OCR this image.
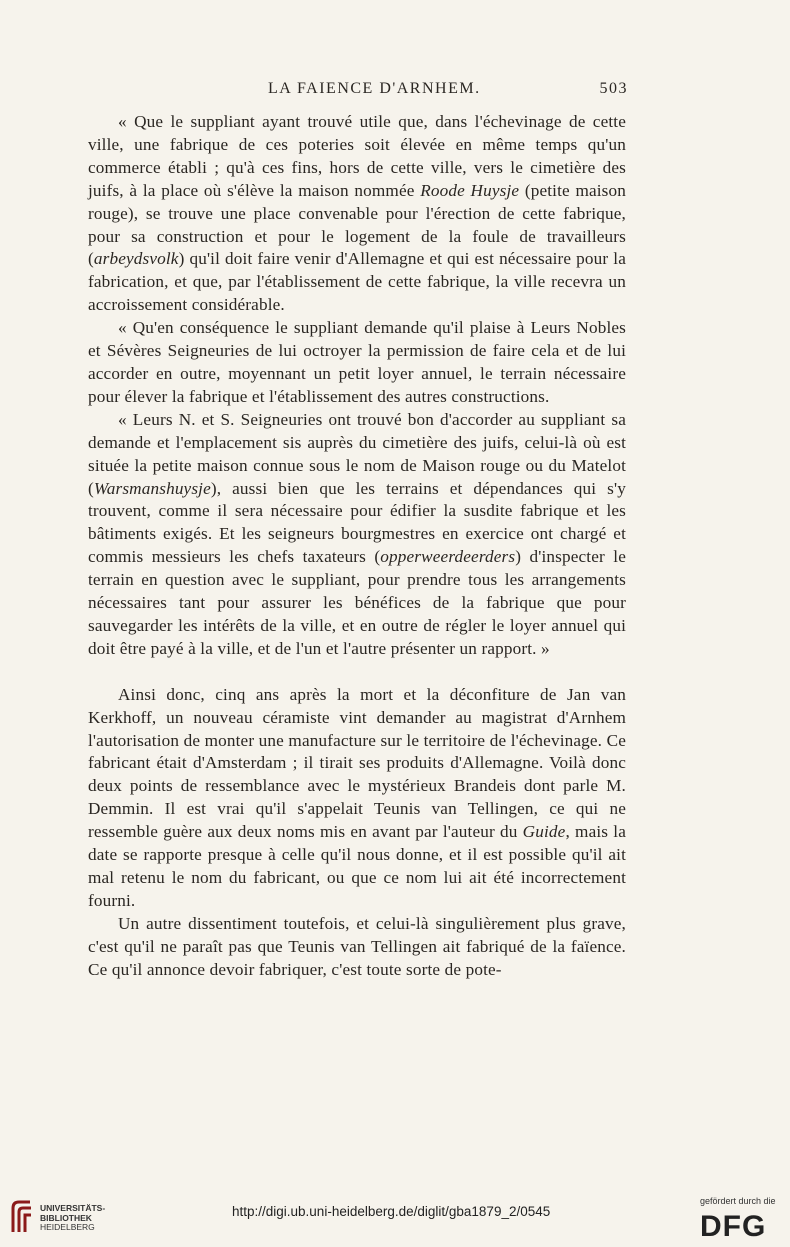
LA FAIENCE D'ARNHEM.	503

« Que le suppliant ayant trouvé utile que, dans l'échevinage de cette ville, une fabrique de ces poteries soit élevée en même temps qu'un commerce établi ; qu'à ces fins, hors de cette ville, vers le cimetière des juifs, à la place où s'élève la maison nommée Roode Huysje (petite maison rouge), se trouve une place convenable pour l'érection de cette fabrique, pour sa construction et pour le logement de la foule de travailleurs (arbeydsvolk) qu'il doit faire venir d'Allemagne et qui est nécessaire pour la fabrication, et que, par l'établissement de cette fabrique, la ville recevra un accroissement considérable.

« Qu'en conséquence le suppliant demande qu'il plaise à Leurs Nobles et Sévères Seigneuries de lui octroyer la permission de faire cela et de lui accorder en outre, moyennant un petit loyer annuel, le terrain nécessaire pour élever la fabrique et l'établissement des autres constructions.

« Leurs N. et S. Seigneuries ont trouvé bon d'accorder au suppliant sa demande et l'emplacement sis auprès du cimetière des juifs, celui-là où est située la petite maison connue sous le nom de Maison rouge ou du Matelot (Warsmanshuysje), aussi bien que les terrains et dépendances qui s'y trouvent, comme il sera nécessaire pour édifier la susdite fabrique et les bâtiments exigés. Et les seigneurs bourgmestres en exercice ont chargé et commis messieurs les chefs taxateurs (opperweerdeerders) d'inspecter le terrain en question avec le suppliant, pour prendre tous les arrangements nécessaires tant pour assurer les bénéfices de la fabrique que pour sauvegarder les intérêts de la ville, et en outre de régler le loyer annuel qui doit être payé à la ville, et de l'un et l'autre présenter un rapport. »

Ainsi donc, cinq ans après la mort et la déconfiture de Jan van Kerkhoff, un nouveau céramiste vint demander au magistrat d'Arnhem l'autorisation de monter une manufacture sur le territoire de l'échevinage. Ce fabricant était d'Amsterdam ; il tirait ses produits d'Allemagne. Voilà donc deux points de ressemblance avec le mystérieux Brandeis dont parle M. Demmin. Il est vrai qu'il s'appelait Teunis van Tellingen, ce qui ne ressemble guère aux deux noms mis en avant par l'auteur du Guide, mais la date se rapporte presque à celle qu'il nous donne, et il est possible qu'il ait mal retenu le nom du fabricant, ou que ce nom lui ait été incorrectement fourni.

Un autre dissentiment toutefois, et celui-là singulièrement plus grave, c'est qu'il ne paraît pas que Teunis van Tellingen ait fabriqué de la faïence. Ce qu'il annonce devoir fabriquer, c'est toute sorte de pote-

UNIVERSITÄTS-
BIBLIOTHEK
HEIDELBERG
http://digi.ub.uni-heidelberg.de/diglit/gba1879_2/0545
gefördert durch die
DFG
